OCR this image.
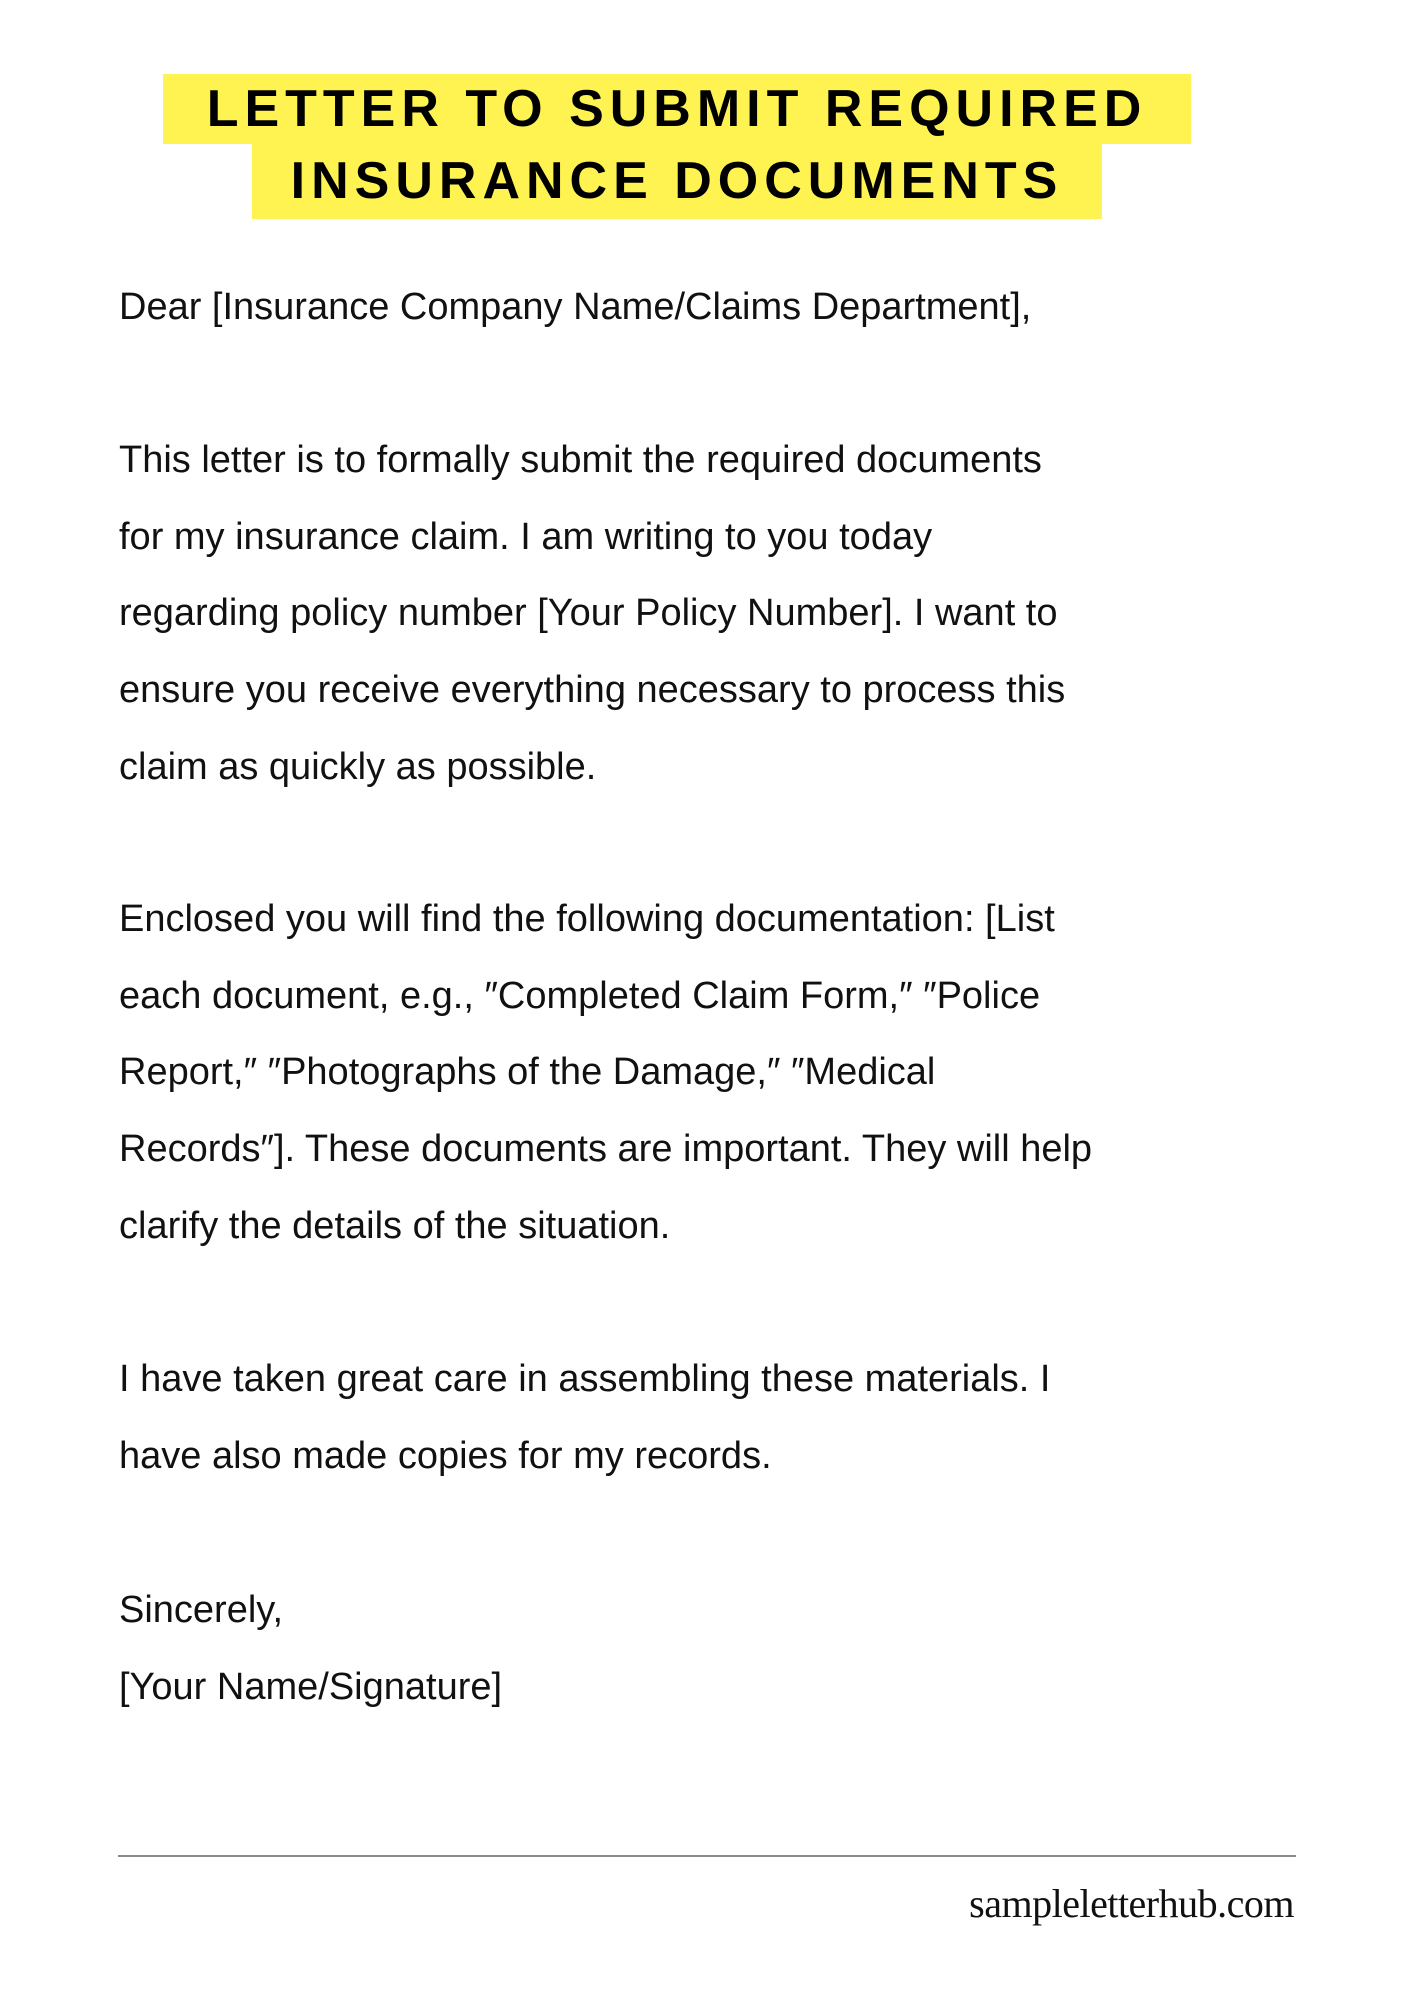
LETTER TO SUBMIT REQUIRED
INSURANCE DOCUMENTS
Dear [Insurance Company Name/Claims Department],
This letter is to formally submit the required documents
for my insurance claim. I am writing to you today
regarding policy number [Your Policy Number]. I want to
ensure you receive everything necessary to process this
claim as quickly as possible.
Enclosed you will find the following documentation: [List
each document, e.g., ″Completed Claim Form,″ ″Police
Report,″ ″Photographs of the Damage,″ ″Medical
Records″]. These documents are important. They will help
clarify the details of the situation.
I have taken great care in assembling these materials. I
have also made copies for my records.
Sincerely,
[Your Name/Signature]
sampleletterhub.com
